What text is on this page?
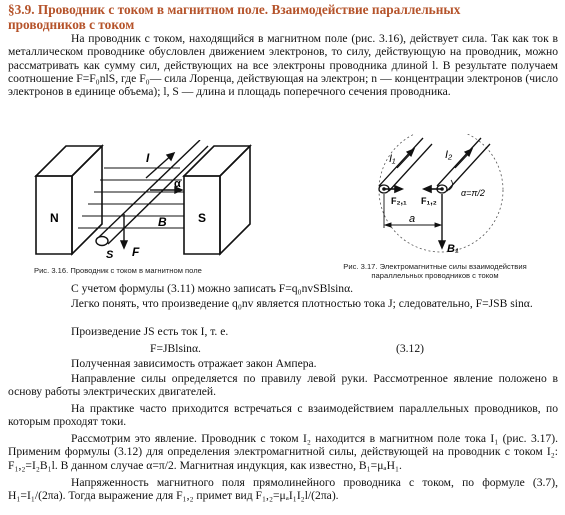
§3.9. Проводник с током в магнитном поле. Взаимодействие параллельных
проводников с током

На проводник с током, находящийся в магнитном поле (рис. 3.16), действует сила. Так как ток в металлическом проводнике обусловлен движением электронов, то силу, действующую на проводник, можно рассматривать как сумму сил, действующих на все электроны проводника длиной l. В результате получаем соотношение F=F₀nlS, где F₀— сила Лоренца, действующая на электрон; n — концентрации электронов (число электронов в единице объема); l, S — длина и площадь поперечного сечения проводника.

N	S
I
B
α
F
S
Рис. 3.16. Проводник с током в магнитном поле
I₁	I₂
F₂,₁ F₁,₂
a
B₁
α=π/2
Рис. 3.17. Электромагнитные силы взаимодействия
параллельных проводников с током

С учетом формулы (3.11) можно записать F=q₀nvSBlsinα.

Легко понять, что произведение q₀nv является плотностью тока J; следовательно, F=JSB sinα.

Произведение JS есть ток I, т. е.

F=JBlsinα.	(3.12)

Полученная зависимость отражает закон Ампера.

Направление силы определяется по правилу левой руки. Рассмотренное явление положено в основу работы электрических двигателей.

На практике часто приходится встречаться с взаимодействием параллельных проводников, по которым проходят токи.

Рассмотрим это явление. Проводник с током I₂ находится в магнитном поле тока I₁ (рис. 3.17). Применим формулы (3.12) для определения электромагнитной силы, действующей на проводник с током I₂: F₁,₂=I₂B₁l. В данном случае α=π/2. Магнитная индукция, как известно, B₁=μₐH₁.

Напряженность магнитного поля прямолинейного проводника с током, по формуле (3.7), H₁=I₁/(2πa). Тогда выражение для F₁,₂ примет вид F₁,₂=μₐI₁I₂l/(2πa).
